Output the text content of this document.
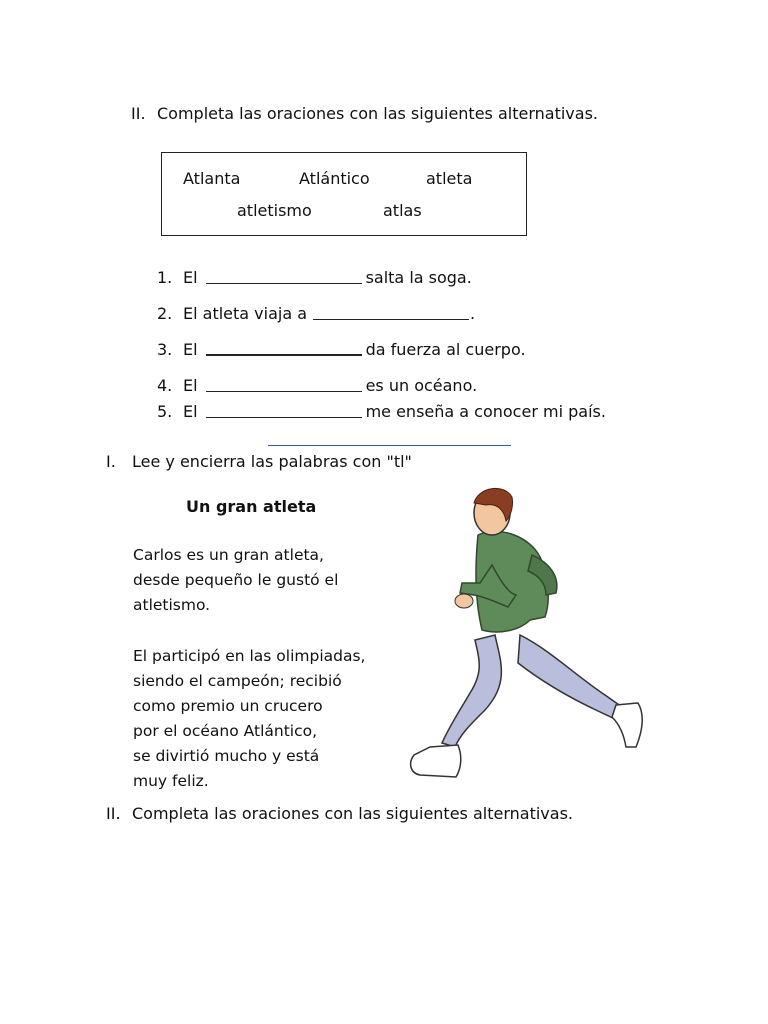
II. Completa las oraciones con las siguientes alternativas.
Atlanta	Atlántico	atleta
atletismo	atlas
1. El	salta la soga.
2. El atleta viaja a	.
3. El	da fuerza al cuerpo.
4. El	es un océano.
5. El	me enseña a conocer mi país.
I. Lee y encierra las palabras con "tl"
Un gran atleta
Carlos es un gran atleta,
desde pequeño le gustó el
atletismo.
El participó en las olimpiadas,
siendo el campeón; recibió
como premio un crucero
por el océano Atlántico,
se divirtió mucho y está
muy feliz.
II. Completa las oraciones con las siguientes alternativas.
